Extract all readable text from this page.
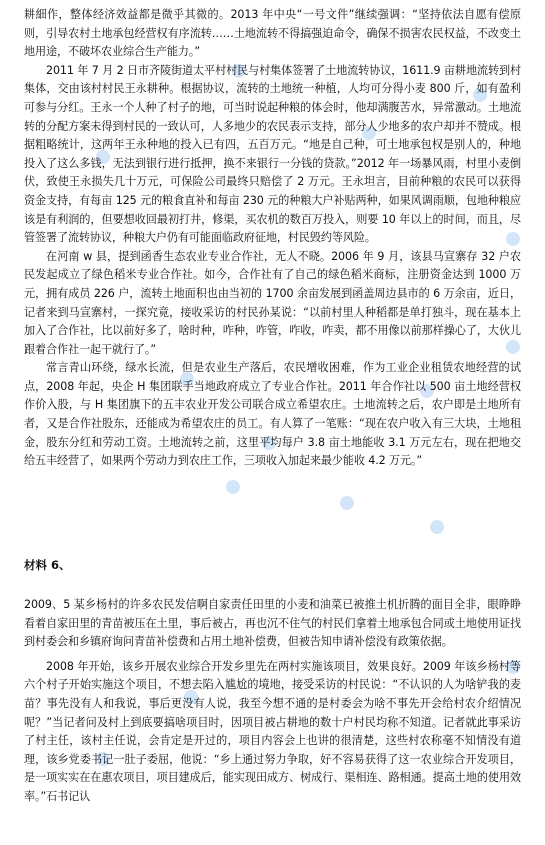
耕細作，整体经济效益都是微乎其微的。2013 年中央“一号文件”继续强调：“坚持依法自愿有偿原则，引导农村土地承包经营权有序流转……土地流转不得搞强迫命令，确保不损害农民权益，不改变土地用途，不破坏农业综合生产能力。”

2011 年 7 月 2 日市齐陵街道太平村村民与村集体签署了土地流转协议，1611.9 亩耕地流转到村集体，交由该村村民王永耕种。根据协议，流转的土地统一种植，人均可分得小麦 800 斤，如有盈利可参与分红。王永一个人种了村子的地，可当时说起种粮的体会时，他却满腹苦水，异常激动。土地流转的分配方案未得到村民的一致认可，人多地少的农民表示支持，部分人少地多的农户却并不赞成。根据粗略统计，这两年王永种地的投入已有四，五百万元。“地是自己种，可土地承包权是别人的，种地投入了这么多钱，无法到银行进行抵押，换不来银行一分钱的贷款。”2012 年一场暴风雨，村里小麦倒伏，致使王永损失几十万元，可保险公司最终只赔偿了 2 万元。王永坦言，目前种粮的农民可以获得资金支持，有每亩 125 元的粮食直补和每亩 230 元的种粮大户补贴两种，如果风调雨顺，包地种粮应该是有利润的，但要想收回最初打井，修渠，买农机的数百万投入，则要 10 年以上的时间，而且，尽管签署了流转协议，种粮大户仍有可能面临政府征地，村民毁约等风险。

在河南 w 县，提到函香生态农业专业合作社，无人不晓。2006 年 9 月，该县马宣寨存 32 户农民发起成立了绿色稻米专业合作社。如今，合作社有了自己的绿色稻米商标，注册资金达到 1000 万元，拥有成员 226 户，流转土地面积也由当初的 1700 余亩发展到函盖周边县市的 6 万余亩，近日，记者来到马宣寨村，一探究竟，接收采访的村民孙某说：“以前村里人种稻都是单打独斗，现在基本上加入了合作社，比以前好多了，啥时种，咋种，咋管，咋收，咋卖，都不用像以前那样操心了，大伙儿跟着合作社一起干就行了。”

常言青山环绕，绿水长流，但是农业生产落后，农民增收困难，作为工业企业租赁农地经营的试点，2008 年起，央企 H 集团联手当地政府成立了专业合作社。2011 年合作社以 500 亩土地经营权作价入股，与 H 集团旗下的五丰农业开发公司联合成立希望农庄。土地流转之后，农户即是土地所有者，又是合作社股东，还能成为希望农庄的员工。有人算了一笔账：“现在农户收入有三大块，土地租金，股东分红和劳动工资。土地流转之前，这里平均每户 3.8 亩土地能收 3.1 万元左右，现在把地交给五丰经营了，如果两个劳动力到农庄工作，三项收入加起来最少能收 4.2 万元。”

材料 6、

2009、5 某乡杨村的许多农民发信啊自家责任田里的小麦和油菜已被推土机折腾的面目全非，眼睁睁看着自家田里的青苗被压在土里，事后被占，再也沉不住气的村民们拿着土地承包合同或土地使用证找到村委会和乡镇府询问青苗补偿费和占用土地补偿费，但被告知申请补偿没有政策依据。

2008 年开始，该乡开展农业综合开发乡里先在两村实施该项目，效果良好。2009 年该乡杨村等六个村子开始实施这个项目，不想去陷入尴尬的境地，接受采访的村民说：“不认识的人为啥铲我的麦苗？事先没有人和我说，事后更没有人说，我至今想不通的是村委会为啥不事先开会给村农介绍情况呢？”当记者问及村上到底要搞啥项目时，因项目被占耕地的数十户村民均称不知道。记者就此事采访了村主任，该村主任说，会肯定是开过的，项目内容会上也讲的很清楚，这些村农称毫不知情没有道理，该乡党委书记一肚子委屈，他说：“乡上通过努力争取，好不容易获得了这一农业综合开发项目，是一项实实在在惠农项目，项目建成后，能实现田成方、树成行、渠相连、路相通。提高土地的使用效率。”石书记认
